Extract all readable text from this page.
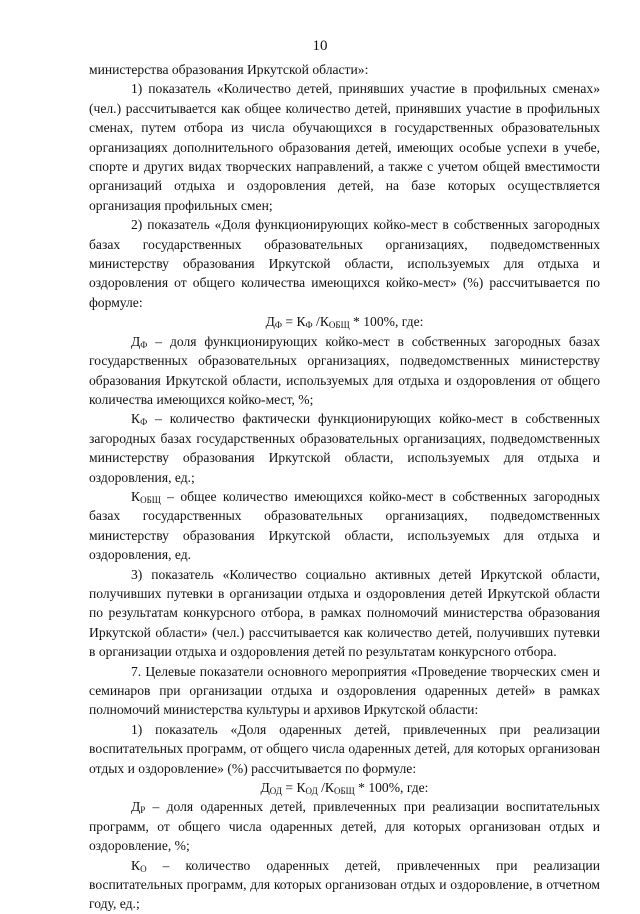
10

министерства образования Иркутской области»:

1) показатель «Количество детей, принявших участие в профильных сменах» (чел.) рассчитывается как общее количество детей, принявших участие в профильных сменах, путем отбора из числа обучающихся в государственных образовательных организациях дополнительного образования детей, имеющих особые успехи в учебе, спорте и других видах творческих направлений, а также с учетом общей вместимости организаций отдыха и оздоровления детей, на базе которых осуществляется организация профильных смен;

2) показатель «Доля функционирующих койко-мест в собственных загородных базах государственных образовательных организациях, подведомственных министерству образования Иркутской области, используемых для отдыха и оздоровления от общего количества имеющихся койко-мест» (%) рассчитывается по формуле:

$Д_Ф = К_Ф$ $/К_{ОБЩ} * 100\%$, где:

$Д_Ф$ – доля функционирующих койко-мест в собственных загородных базах государственных образовательных организациях, подведомственных министерству образования Иркутской области, используемых для отдыха и оздоровления от общего количества имеющихся койко-мест, %;

$К_Ф$ – количество фактически функционирующих койко-мест в собственных загородных базах государственных образовательных организациях, подведомственных министерству образования Иркутской области, используемых для отдыха и оздоровления, ед.;

$К_{ОБЩ}$ – общее количество имеющихся койко-мест в собственных загородных базах государственных образовательных организациях, подведомственных министерству образования Иркутской области, используемых для отдыха и оздоровления, ед.

3) показатель «Количество социально активных детей Иркутской области, получивших путевки в организации отдыха и оздоровления детей Иркутской области по результатам конкурсного отбора, в рамках полномочий министерства образования Иркутской области» (чел.) рассчитывается как количество детей, получивших путевки в организации отдыха и оздоровления детей по результатам конкурсного отбора.

7. Целевые показатели основного мероприятия «Проведение творческих смен и семинаров при организации отдыха и оздоровления одаренных детей» в рамках полномочий министерства культуры и архивов Иркутской области:

1) показатель «Доля одаренных детей, привлеченных при реализации воспитательных программ, от общего числа одаренных детей, для которых организован отдых и оздоровление» (%) рассчитывается по формуле:

$Д_{ОД} = К_{ОД}$ $/К_{ОБЩ} * 100\%$, где:

$Д_Р$ – доля одаренных детей, привлеченных при реализации воспитательных программ, от общего числа одаренных детей, для которых организован отдых и оздоровление, %;

$К_О$ – количество одаренных детей, привлеченных при реализации воспитательных программ, для которых организован отдых и оздоровление, в отчетном году, ед.;
